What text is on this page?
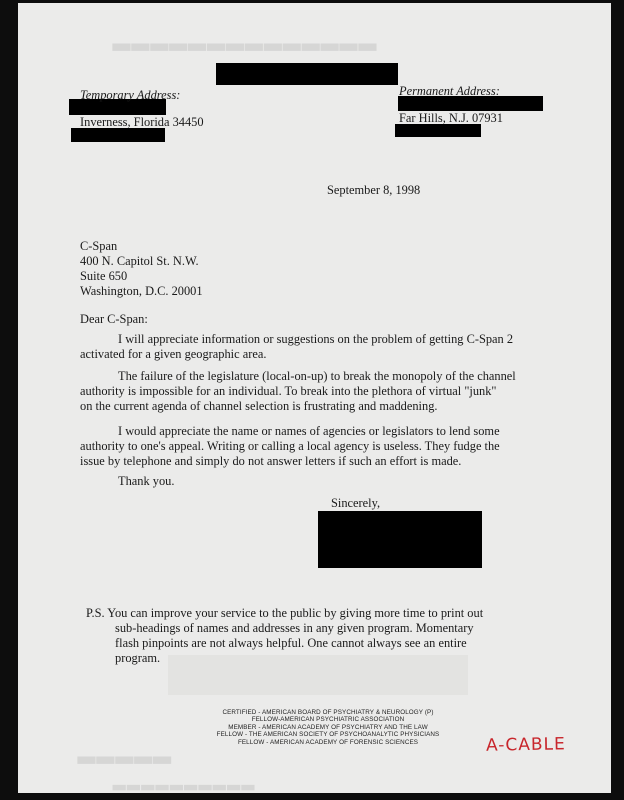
▂▂▂▂▂▂▂▂▂▂▂▂▂▂
▂▂▂▂▂
▂▂▂▂▂▂▂▂▂▂
Temporary Address:
Inverness, Florida 34450
Permanent Address:
Far Hills, N.J. 07931
September 8, 1998
C-Span
400 N. Capitol St. N.W.
Suite 650
Washington, D.C. 20001
Dear C-Span:
I will appreciate information or suggestions on the problem of getting C-Span 2
activated for a given geographic area.
The failure of the legislature (local-on-up) to break the monopoly of the channel
authority is impossible for an individual. To break into the plethora of virtual "junk"
on the current agenda of channel selection is frustrating and maddening.
I would appreciate the name or names of agencies or legislators to lend some
authority to one's appeal. Writing or calling a local agency is useless. They fudge the
issue by telephone and simply do not answer letters if such an effort is made.
Thank you.
Sincerely,
P.S. You can improve your service to the public by giving more time to print out
sub-headings of names and addresses in any given program. Momentary
flash pinpoints are not always helpful. One cannot always see an entire
program.
CERTIFIED - AMERICAN BOARD OF PSYCHIATRY & NEUROLOGY (P)
FELLOW-AMERICAN PSYCHIATRIC ASSOCIATION
MEMBER - AMERICAN ACADEMY OF PSYCHIATRY AND THE LAW
FELLOW - THE AMERICAN SOCIETY OF PSYCHOANALYTIC PHYSICIANS
FELLOW - AMERICAN ACADEMY OF FORENSIC SCIENCES	A-CABLE
